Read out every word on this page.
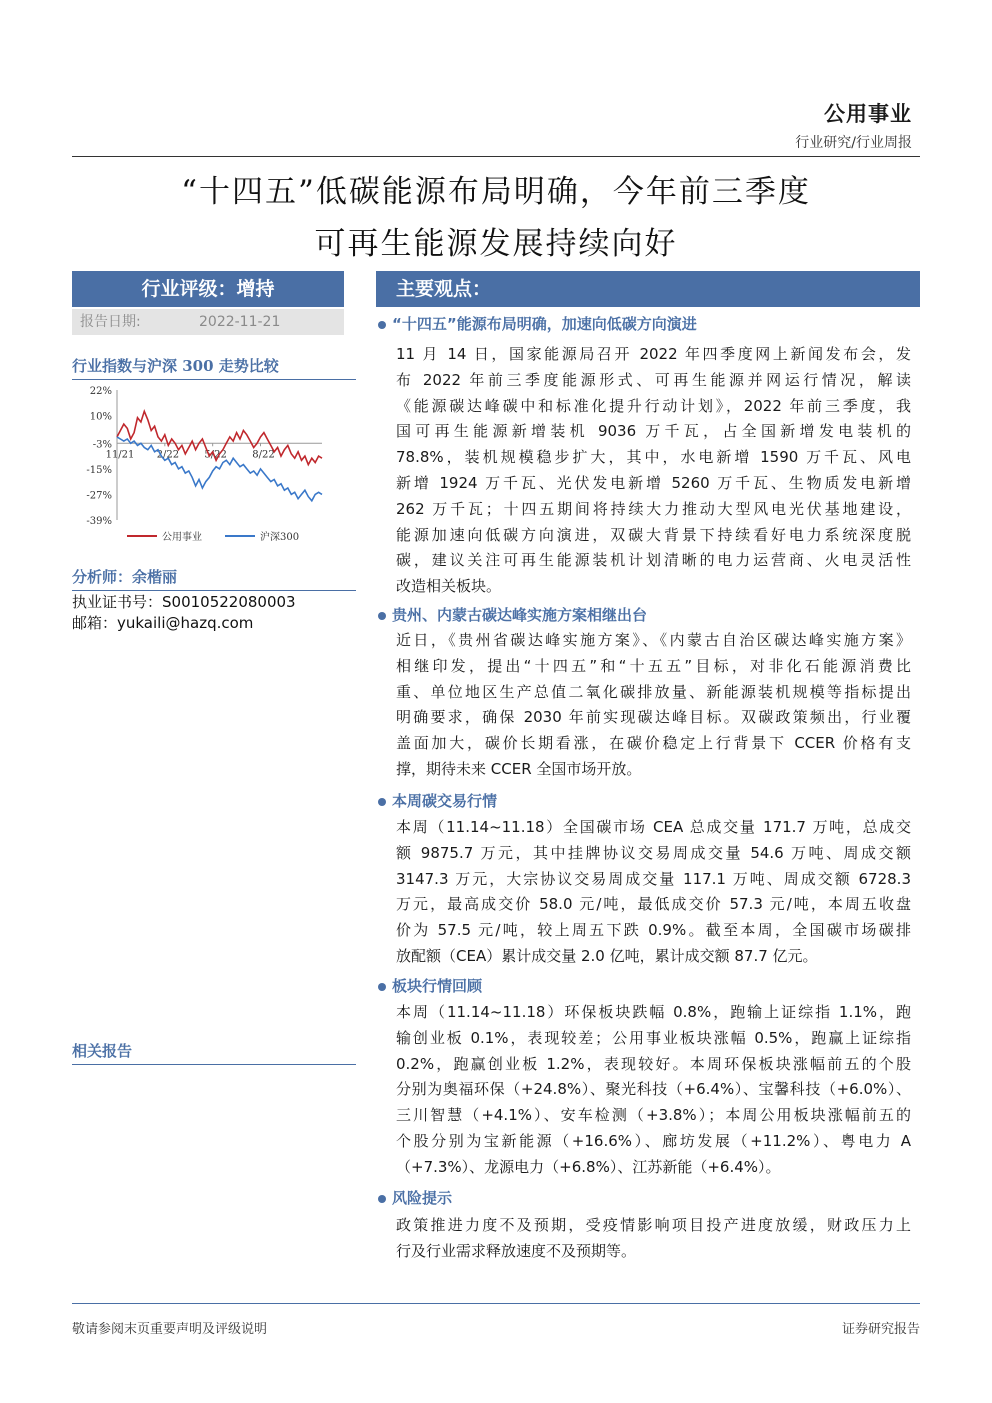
公用事业
行业研究/行业周报
“十四五”低碳能源布局明确，今年前三季度
可再生能源发展持续向好
行业评级：增持
报告日期:	2022-11-21
行业指数与沪深 300 走势比较
22%
10%
-3%
-15%
-27%
-39%
11/21 2/22	5/22	8/22
公用事业	沪深300
分析师：余楷丽
执业证书号：S0010522080003
邮箱：yukaili@hazq.com
相关报告
主要观点：
“十四五”能源布局明确，加速向低碳方向演进
11 月 14 日，国家能源局召开 2022 年四季度网上新闻发布会，发
布 2022 年前三季度能源形式、可再生能源并网运行情况，解读
《能源碳达峰碳中和标准化提升行动计划》，2022 年前三季度，我
国可再生能源新增装机 9036 万千瓦，占全国新增发电装机的
78.8%，装机规模稳步扩大，其中，水电新增 1590 万千瓦、风电
新增 1924 万千瓦、光伏发电新增 5260 万千瓦、生物质发电新增
262 万千瓦；十四五期间将持续大力推动大型风电光伏基地建设，
能源加速向低碳方向演进，双碳大背景下持续看好电力系统深度脱
碳，建议关注可再生能源装机计划清晰的电力运营商、火电灵活性
改造相关板块。
贵州、内蒙古碳达峰实施方案相继出台
近日，《贵州省碳达峰实施方案》、《内蒙古自治区碳达峰实施方案》
相继印发，提出“十四五”和“十五五”目标，对非化石能源消费比
重、单位地区生产总值二氧化碳排放量、新能源装机规模等指标提出
明确要求，确保 2030 年前实现碳达峰目标。双碳政策频出，行业覆
盖面加大，碳价长期看涨，在碳价稳定上行背景下 CCER 价格有支
撑，期待未来 CCER 全国市场开放。
本周碳交易行情
本周（11.14~11.18）全国碳市场 CEA 总成交量 171.7 万吨，总成交
额 9875.7 万元，其中挂牌协议交易周成交量 54.6 万吨、周成交额
3147.3 万元，大宗协议交易周成交量 117.1 万吨、周成交额 6728.3
万元，最高成交价 58.0 元/吨，最低成交价 57.3 元/吨，本周五收盘
价为 57.5 元/吨，较上周五下跌 0.9%。截至本周，全国碳市场碳排
放配额（CEA）累计成交量 2.0 亿吨，累计成交额 87.7 亿元。
板块行情回顾
本周（11.14~11.18）环保板块跌幅 0.8%，跑输上证综指 1.1%，跑
输创业板 0.1%，表现较差；公用事业板块涨幅 0.5%，跑赢上证综指
0.2%，跑赢创业板 1.2%，表现较好。本周环保板块涨幅前五的个股
分别为奥福环保（+24.8%）、聚光科技（+6.4%）、宝馨科技（+6.0%）、
三川智慧（+4.1%）、安车检测（+3.8%）；本周公用板块涨幅前五的
个股分别为宝新能源（+16.6%）、廊坊发展（+11.2%）、粤电力 A
（+7.3%）、龙源电力（+6.8%）、江苏新能（+6.4%）。
风险提示
政策推进力度不及预期，受疫情影响项目投产进度放缓，财政压力上
行及行业需求释放速度不及预期等。
敬请参阅末页重要声明及评级说明	证券研究报告
